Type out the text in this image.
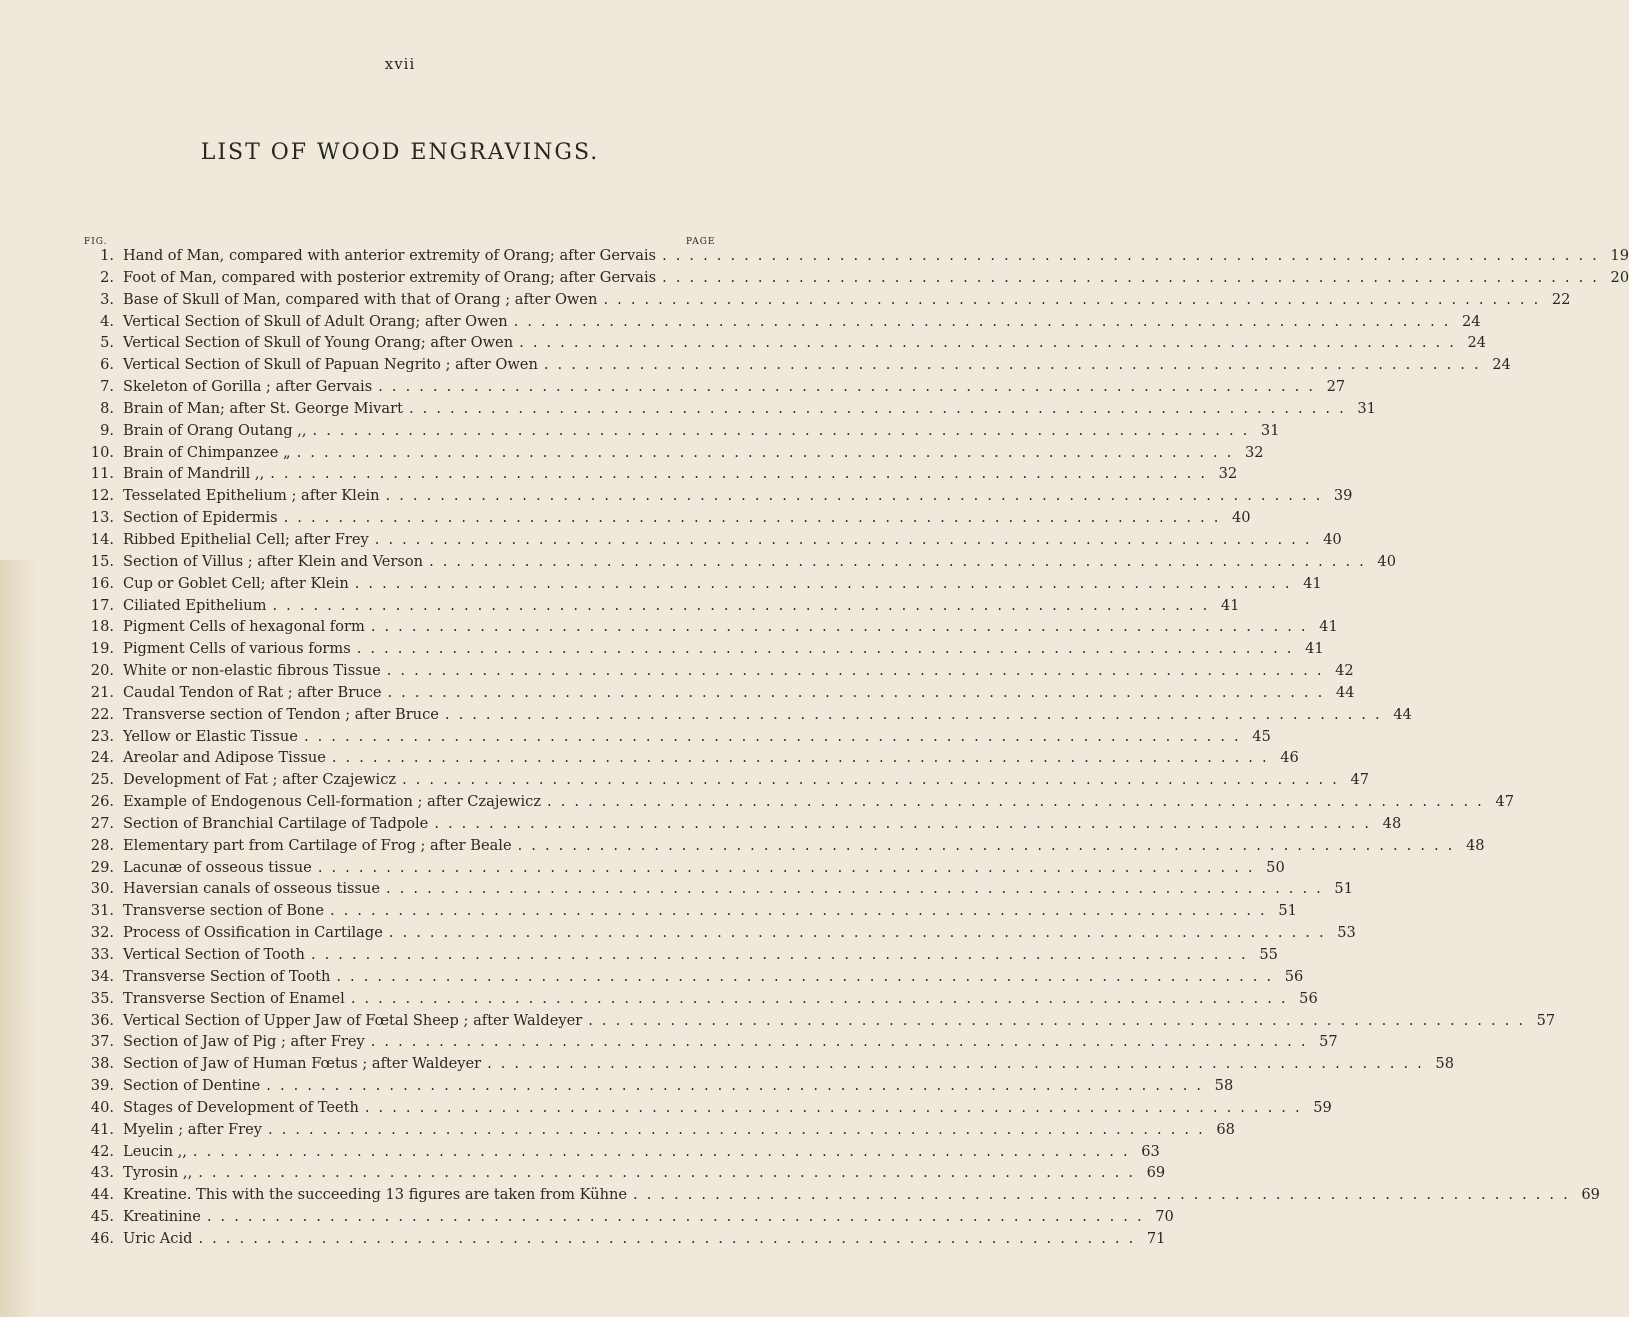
xvii
LIST OF WOOD ENGRAVINGS.
FIG.	PAGE
1. Hand of Man, compared with anterior extremity of Orang; after Gervais . . .	19
2. Foot of Man, compared with posterior extremity of Orang; after Gervais . . .	20
3. Base of Skull of Man, compared with that of Orang ; after Owen . . .	22
4. Vertical Section of Skull of Adult Orang; after Owen . . .	24
5. Vertical Section of Skull of Young Orang; after Owen . . .	24
6. Vertical Section of Skull of Papuan Negrito ; after Owen . . .	24
7. Skeleton of Gorilla ; after Gervais . . .	27
8. Brain of Man; after St. George Mivart . . .	31
9. Brain of Orang Outang ,, . . .	31
10. Brain of Chimpanzee „ . . .	32
11. Brain of Mandrill ,, . . .	32
12. Tesselated Epithelium ; after Klein . . .	39
13. Section of Epidermis . . .	40
14. Ribbed Epithelial Cell; after Frey . . .	40
15. Section of Villus ; after Klein and Verson . . .	40
16. Cup or Goblet Cell; after Klein . . .	41
17. Ciliated Epithelium . . .	41
18. Pigment Cells of hexagonal form . . .	41
19. Pigment Cells of various forms . . .	41
20. White or non-elastic fibrous Tissue . . .	42
21. Caudal Tendon of Rat ; after Bruce . . .	44
22. Transverse section of Tendon ; after Bruce . . .	44
23. Yellow or Elastic Tissue . . .	45
24. Areolar and Adipose Tissue . . .	46
25. Development of Fat ; after Czajewicz . . .	47
26. Example of Endogenous Cell-formation ; after Czajewicz . . .	47
27. Section of Branchial Cartilage of Tadpole . . .	48
28. Elementary part from Cartilage of Frog ; after Beale . . .	48
29. Lacunæ of osseous tissue . . .	50
30. Haversian canals of osseous tissue . . .	51
31. Transverse section of Bone . . .	51
32. Process of Ossification in Cartilage . . .	53
33. Vertical Section of Tooth . . .	55
34. Transverse Section of Tooth . . .	56
35. Transverse Section of Enamel . . .	56
36. Vertical Section of Upper Jaw of Fœtal Sheep ; after Waldeyer . . .	57
37. Section of Jaw of Pig ; after Frey . . .	57
38. Section of Jaw of Human Fœtus ; after Waldeyer . . .	58
39. Section of Dentine . . .	58
40. Stages of Development of Teeth . . .	59
41. Myelin ; after Frey . . .	68
42. Leucin ,, . . .	63
43. Tyrosin ,, . . .	69
44. Kreatine. This with the succeeding 13 figures are taken from Kühne . . .	69
45. Kreatinine . . .	70
46. Uric Acid . . .	71
